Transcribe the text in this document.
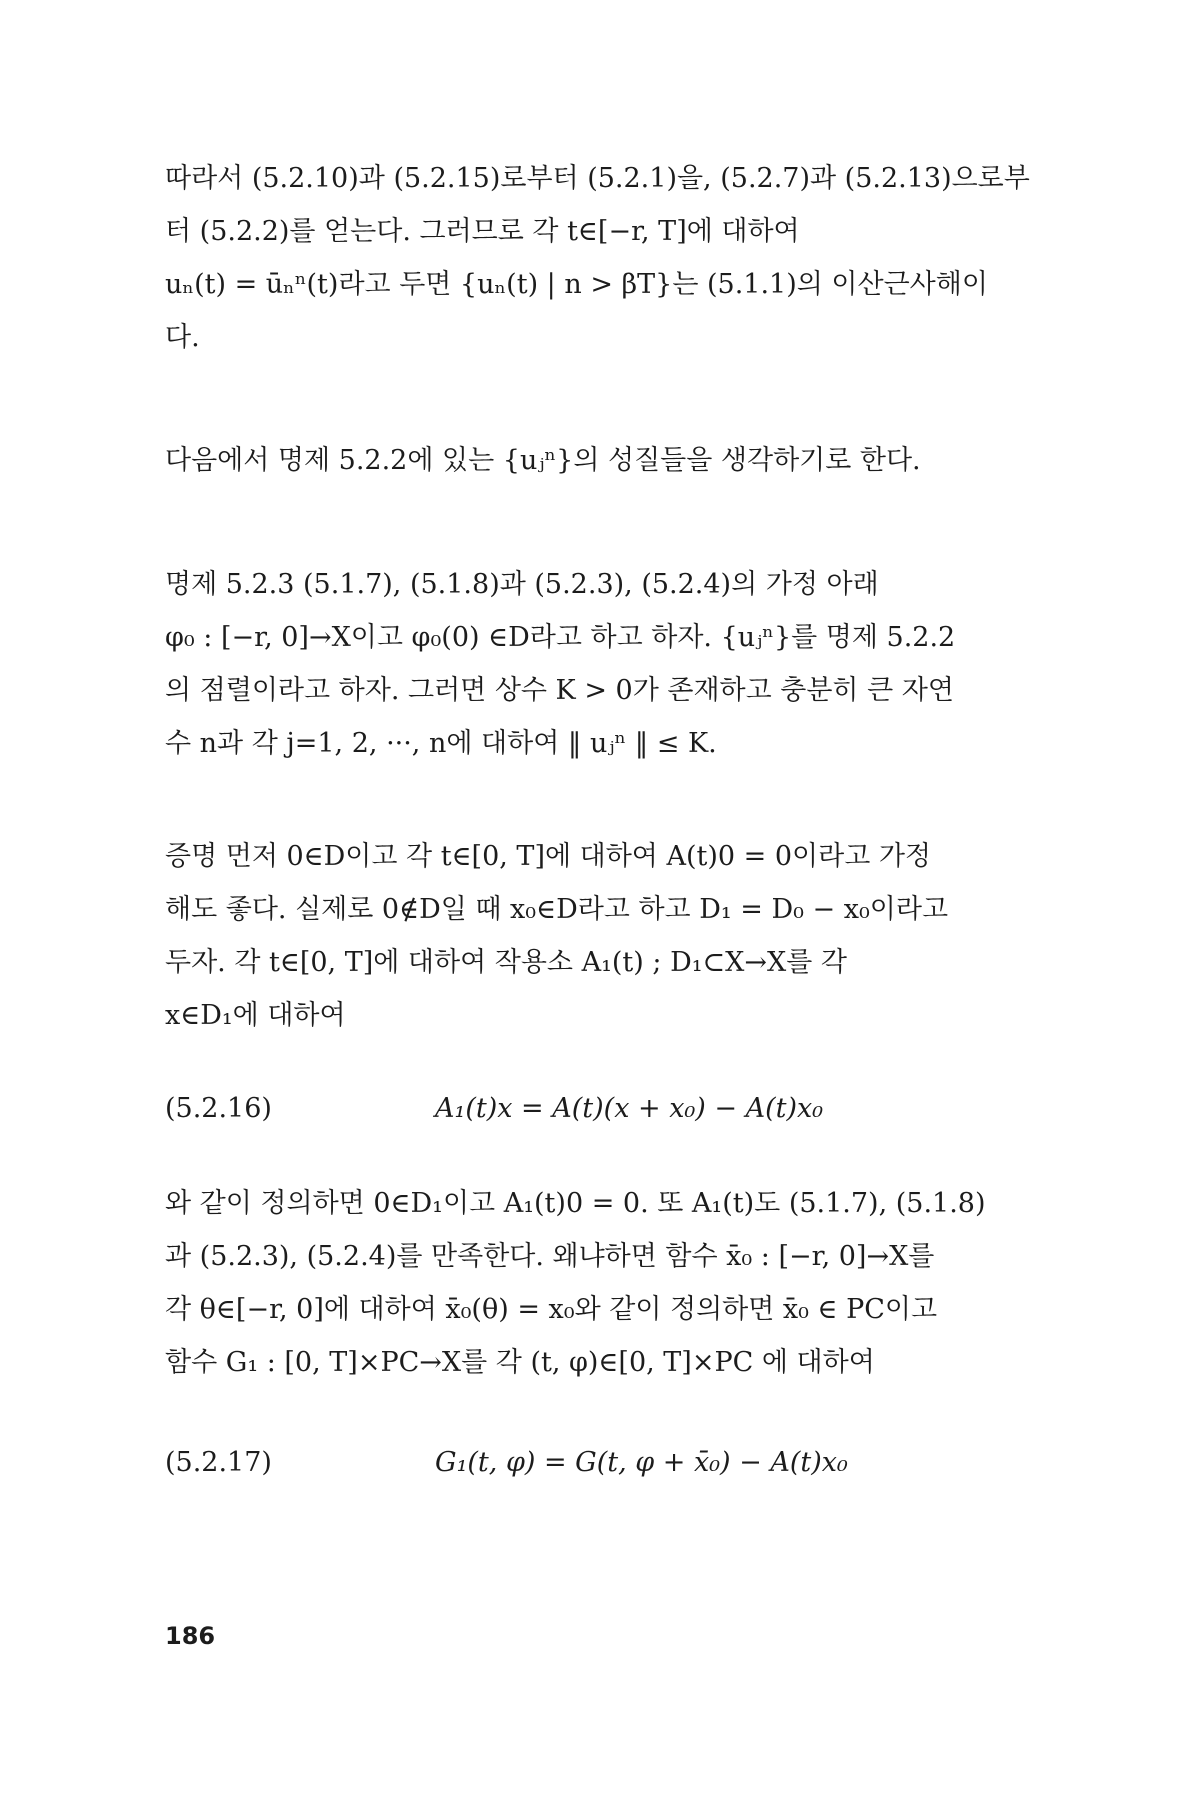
따라서 (5.2.10)과 (5.2.15)로부터 (5.2.1)을, (5.2.7)과 (5.2.13)으로부
터 (5.2.2)를 얻는다. 그러므로 각 t∈[−r, T]에 대하여
uₙ(t) = ūₙⁿ(t)라고 두면 {uₙ(t) | n > βT}는 (5.1.1)의 이산근사해이
다.

다음에서 명제 5.2.2에 있는 {uⱼⁿ}의 성질들을 생각하기로 한다.

명제 5.2.3 (5.1.7), (5.1.8)과 (5.2.3), (5.2.4)의 가정 아래
φ₀ : [−r, 0]→X이고 φ₀(0) ∈D라고 하고 하자. {uⱼⁿ}를 명제 5.2.2
의 점렬이라고 하자. 그러면 상수 K > 0가 존재하고 충분히 큰 자연
수 n과 각 j=1, 2, ···, n에 대하여 ‖ uⱼⁿ ‖ ≤ K.

증명 먼저 0∈D이고 각 t∈[0, T]에 대하여 A(t)0 = 0이라고 가정
해도 좋다. 실제로 0∉D일 때 x₀∈D라고 하고 D₁ = D₀ − x₀이라고
두자. 각 t∈[0, T]에 대하여 작용소 A₁(t) ; D₁⊂X→X를 각
x∈D₁에 대하여

(5.2.16)	A₁(t)x = A(t)(x + x₀) − A(t)x₀

와 같이 정의하면 0∈D₁이고 A₁(t)0 = 0. 또 A₁(t)도 (5.1.7), (5.1.8)
과 (5.2.3), (5.2.4)를 만족한다. 왜냐하면 함수 x̄₀ : [−r, 0]→X를
각 θ∈[−r, 0]에 대하여 x̄₀(θ) = x₀와 같이 정의하면 x̄₀ ∈ PC이고
함수 G₁ : [0, T]×PC→X를 각 (t, φ)∈[0, T]×PC 에 대하여

(5.2.17)	G₁(t, φ) = G(t, φ + x̄₀) − A(t)x₀
186
